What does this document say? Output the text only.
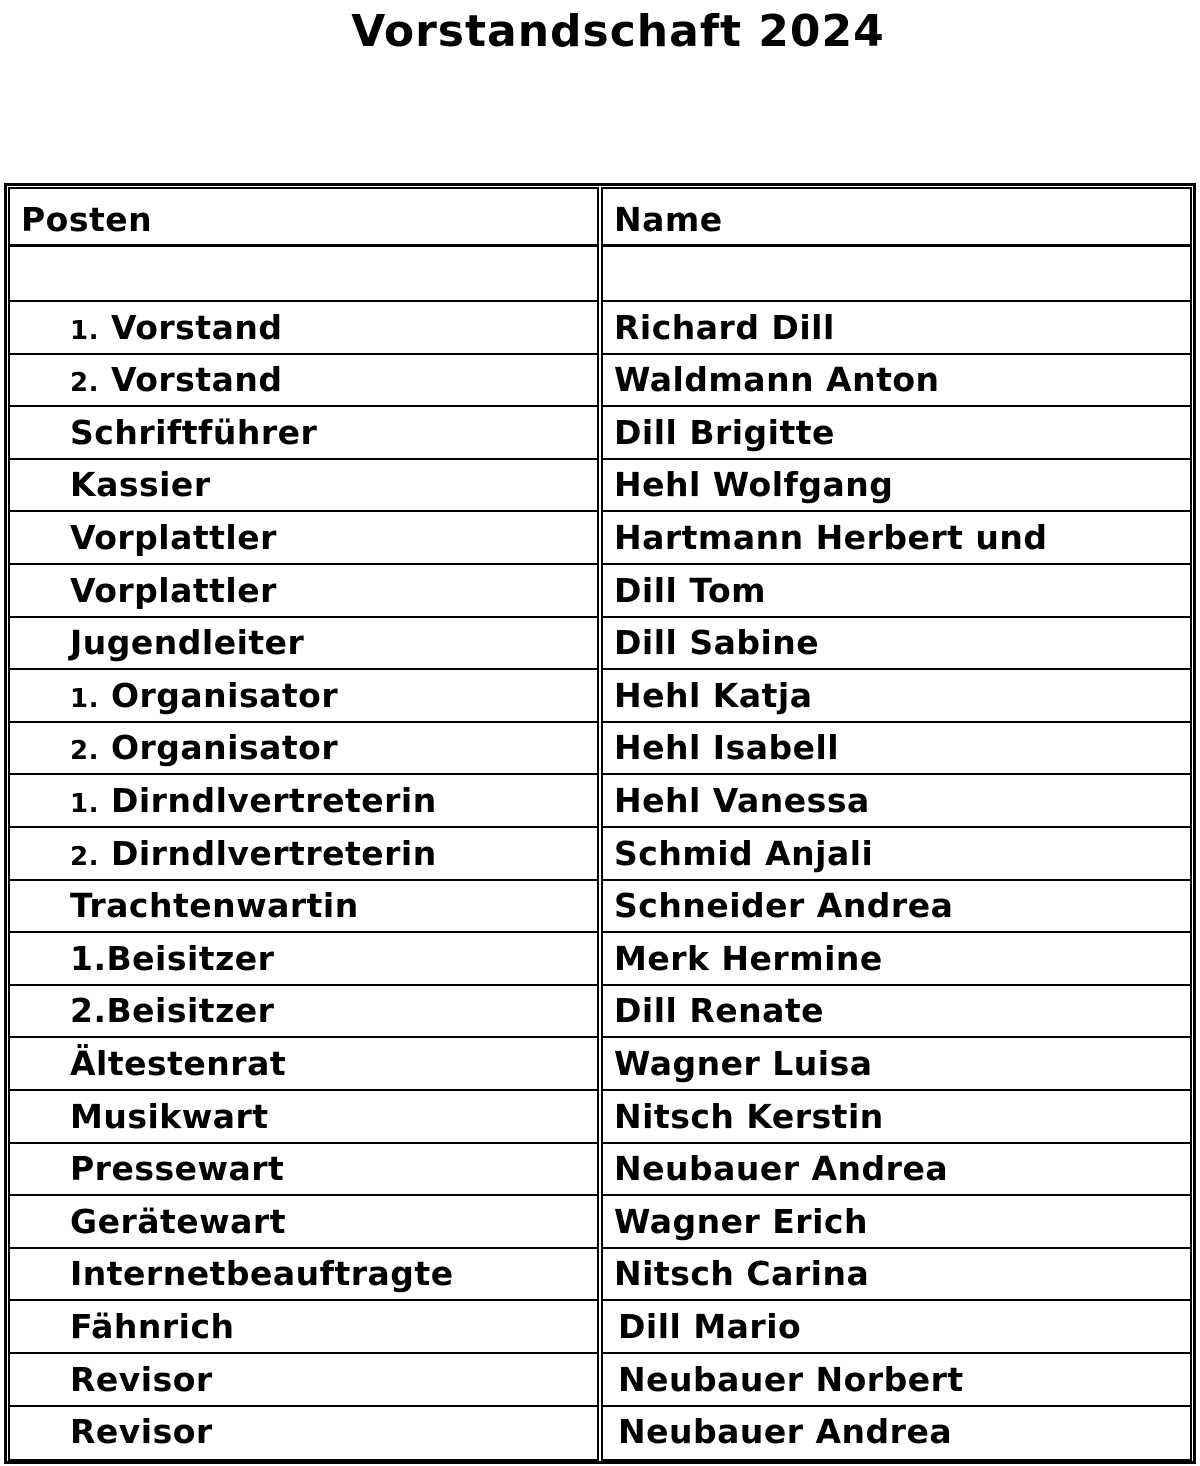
Vorstandschaft 2024
Posten
1. Vorstand
2. Vorstand
Schriftführer
Kassier
Vorplattler
Vorplattler
Jugendleiter
1. Organisator
2. Organisator
1. Dirndlvertreterin
2. Dirndlvertreterin
Trachtenwartin
1.Beisitzer
2.Beisitzer
Ältestenrat
Musikwart
Pressewart
Gerätewart
Internetbeauftragte
Fähnrich
Revisor
Revisor
Name
Richard Dill
Waldmann Anton
Dill Brigitte
Hehl Wolfgang
Hartmann Herbert und
Dill Tom
Dill Sabine
Hehl Katja
Hehl Isabell
Hehl Vanessa
Schmid Anjali
Schneider Andrea
Merk Hermine
Dill Renate
Wagner Luisa
Nitsch Kerstin
Neubauer Andrea
Wagner Erich
Nitsch Carina
Dill Mario
Neubauer Norbert
Neubauer Andrea
